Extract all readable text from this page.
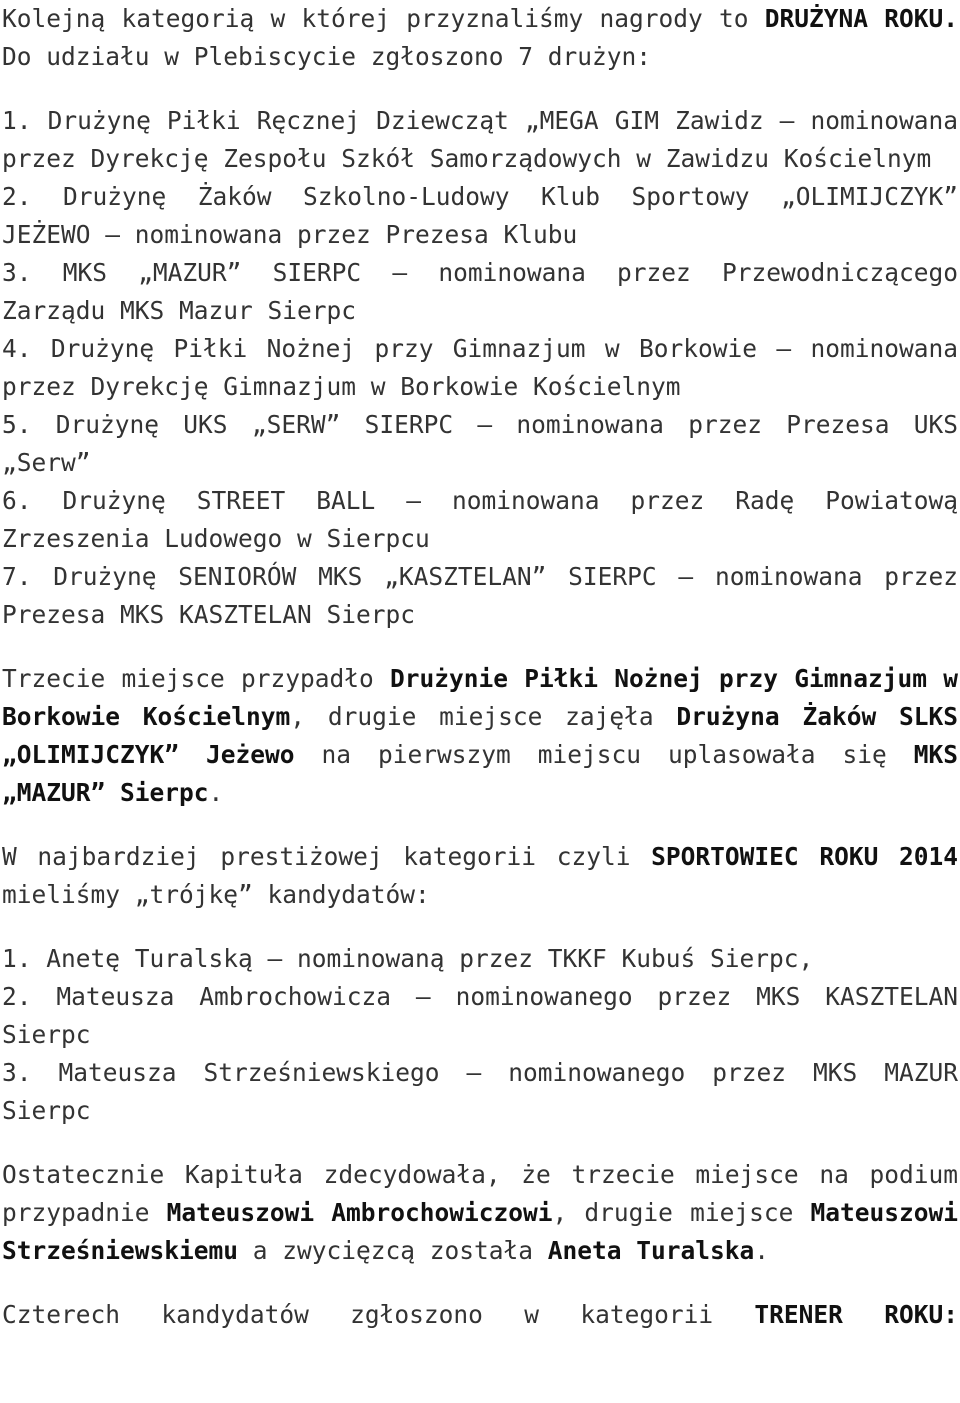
Kolejną kategorią w której przyznaliśmy nagrody to DRUŻYNA ROKU. Do udziału w Plebiscycie zgłoszono 7 drużyn:

1. Drużynę Piłki Ręcznej Dziewcząt „MEGA GIM Zawidz – nominowana przez Dyrekcję Zespołu Szkół Samorządowych w Zawidzu Kościelnym

2. Drużynę Żaków Szkolno-Ludowy Klub Sportowy „OLIMIJCZYK” JEŻEWO – nominowana przez Prezesa Klubu

3. MKS „MAZUR” SIERPC – nominowana przez Przewodniczącego Zarządu MKS Mazur Sierpc

4. Drużynę Piłki Nożnej przy Gimnazjum w Borkowie – nominowana przez Dyrekcję Gimnazjum w Borkowie Kościelnym

5. Drużynę UKS „SERW” SIERPC – nominowana przez Prezesa UKS „Serw”

6. Drużynę STREET BALL – nominowana przez Radę Powiatową Zrzeszenia Ludowego w Sierpcu

7. Drużynę SENIORÓW MKS „KASZTELAN” SIERPC – nominowana przez Prezesa MKS KASZTELAN Sierpc

Trzecie miejsce przypadło Drużynie Piłki Nożnej przy Gimnazjum w Borkowie Kościelnym, drugie miejsce zajęła Drużyna Żaków SLKS „OLIMIJCZYK” Jeżewo na pierwszym miejscu uplasowała się MKS „MAZUR” Sierpc.

W najbardziej prestiżowej kategorii czyli SPORTOWIEC ROKU 2014 mieliśmy „trójkę” kandydatów:

1. Anetę Turalską – nominowaną przez TKKF Kubuś Sierpc,

2. Mateusza Ambrochowicza – nominowanego przez MKS KASZTELAN Sierpc

3. Mateusza Strześniewskiego – nominowanego przez MKS MAZUR Sierpc

Ostatecznie Kapituła zdecydowała, że trzecie miejsce na podium przypadnie Mateuszowi Ambrochowiczowi, drugie miejsce Mateuszowi Strześniewskiemu a zwycięzcą została Aneta Turalska.

Czterech kandydatów zgłoszono w kategorii TRENER ROKU:
